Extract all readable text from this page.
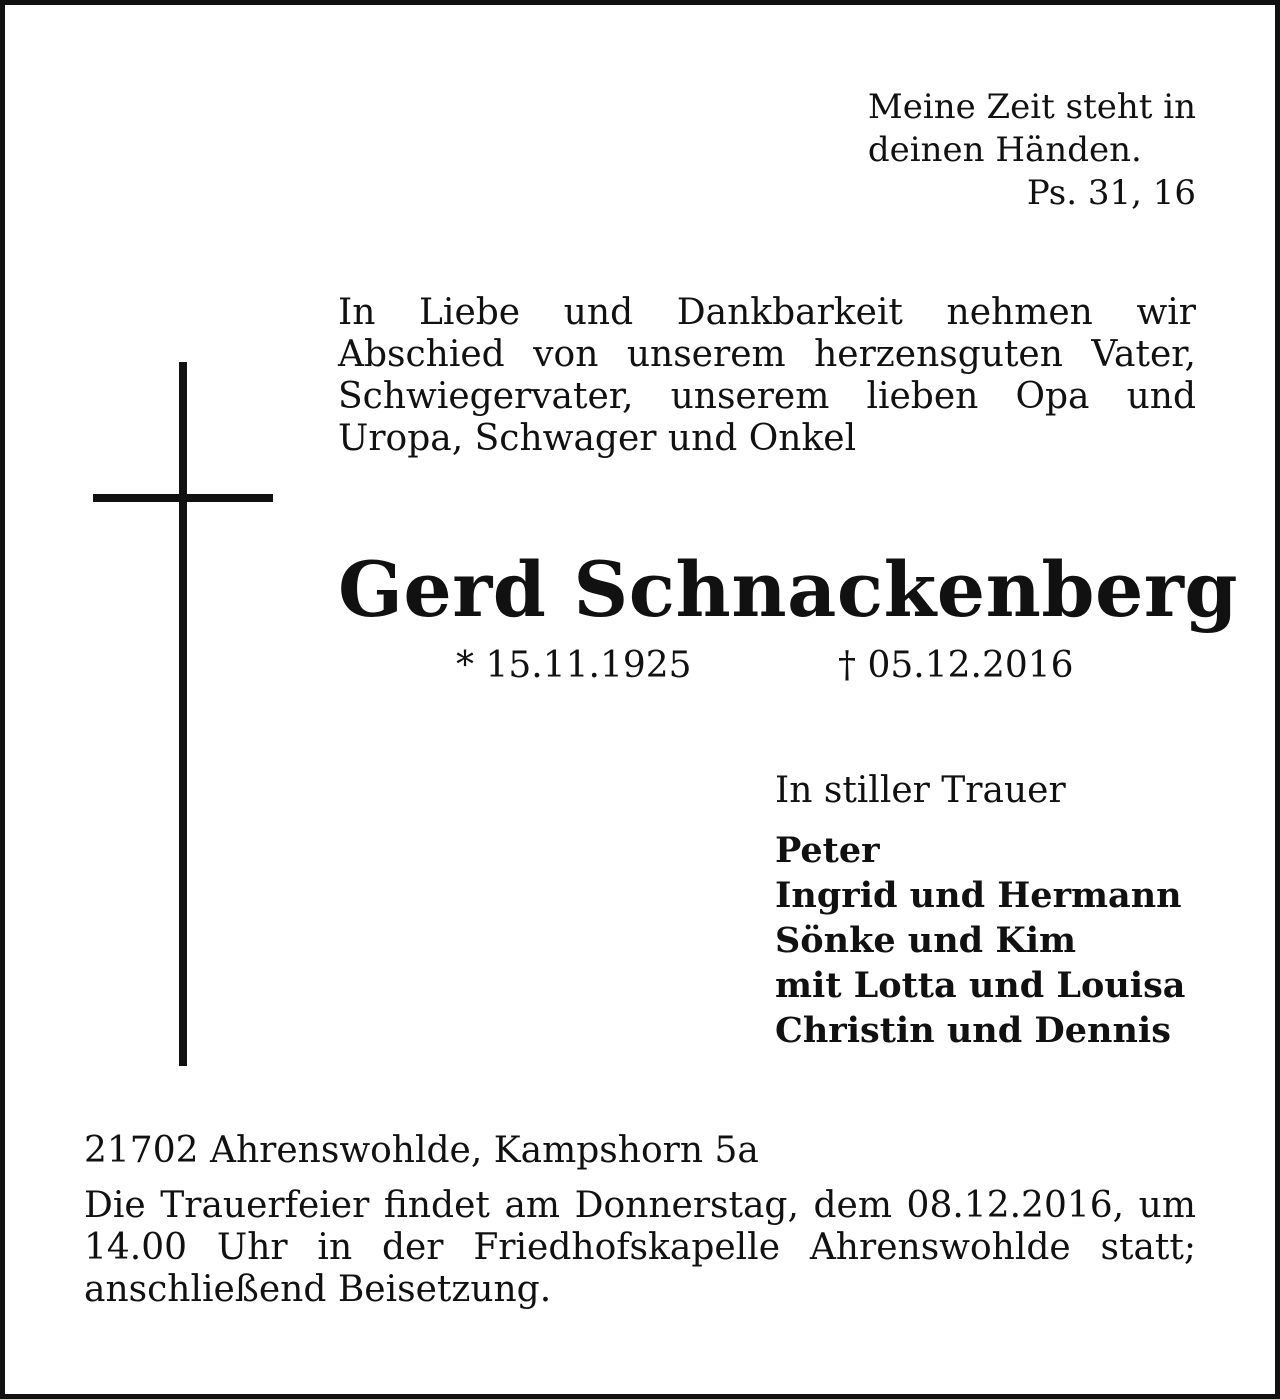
Meine Zeit steht in
deinen Händen.
Ps. 31, 16
In Liebe und Dankbarkeit nehmen wir Abschied von unserem herzensguten Vater, Schwiegervater, unserem lieben Opa und Uropa, Schwager und Onkel
Gerd Schnackenberg
* 15.11.1925	† 05.12.2016
In stiller Trauer
Peter
Ingrid und Hermann
Sönke und Kim
mit Lotta und Louisa
Christin und Dennis
21702 Ahrenswohlde, Kampshorn 5a
Die Trauerfeier findet am Donnerstag, dem 08.12.2016, um 14.00 Uhr in der Friedhofskapelle Ahrenswohlde statt; anschließend Beisetzung.
